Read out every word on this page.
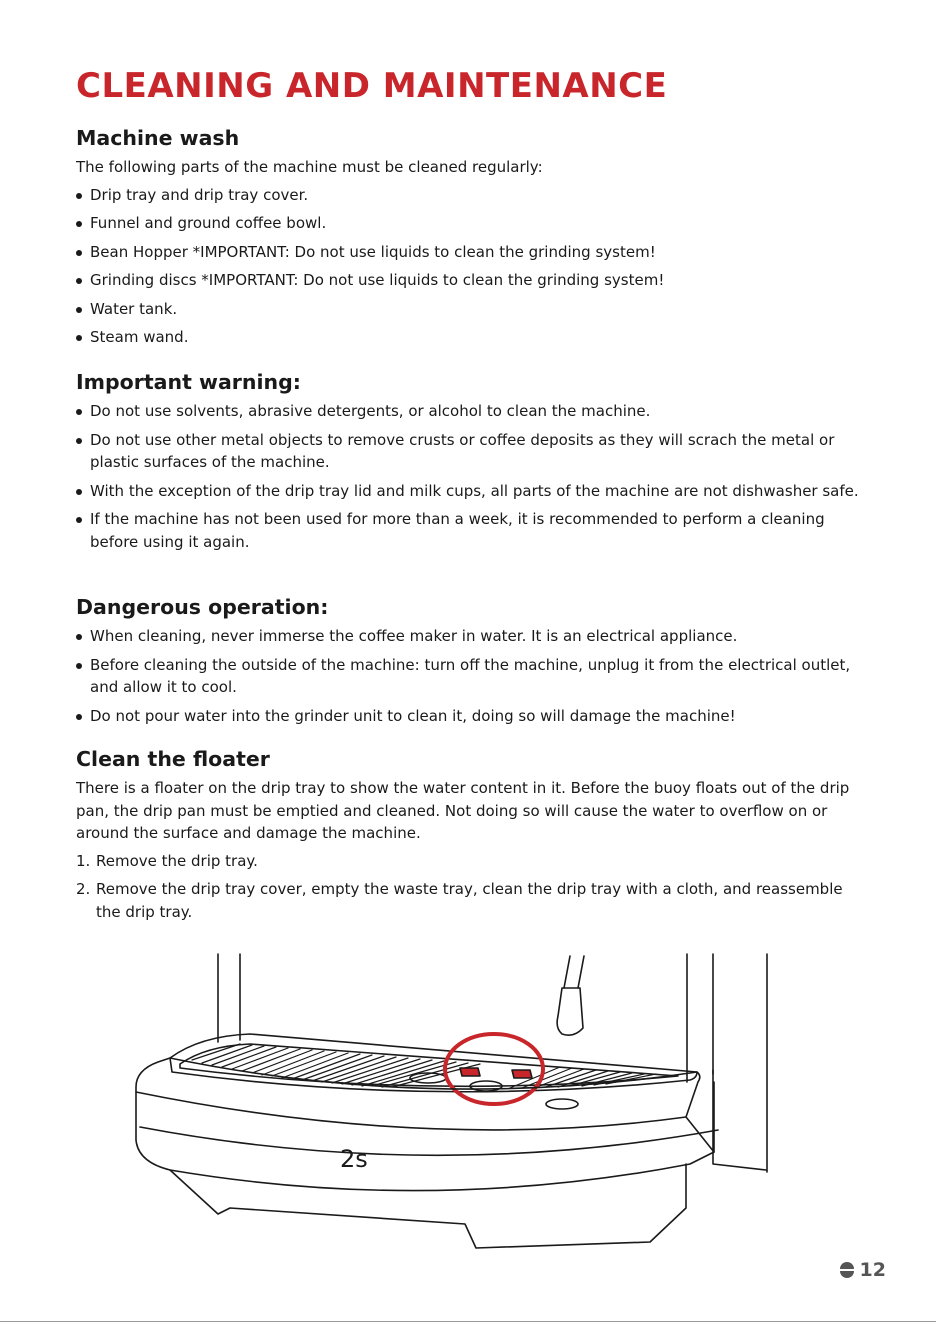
CLEANING AND MAINTENANCE
Machine wash

The following parts of the machine must be cleaned regularly:

Drip tray and drip tray cover.
Funnel and ground coffee bowl.
Bean Hopper *IMPORTANT: Do not use liquids to clean the grinding system!
Grinding discs *IMPORTANT: Do not use liquids to clean the grinding system!
Water tank.
Steam wand.
Important warning:
Do not use solvents, abrasive detergents, or alcohol to clean the machine.
Do not use other metal objects to remove crusts or coffee deposits as they will scrach the metal or plastic surfaces of the machine.
With the exception of the drip tray lid and milk cups, all parts of the machine are not dishwasher safe.
If the machine has not been used for more than a week, it is recommended to perform a cleaning before using it again.
Dangerous operation:
When cleaning, never immerse the coffee maker in water. It is an electrical appliance.
Before cleaning the outside of the machine: turn off the machine, unplug it from the electrical outlet, and allow it to cool.
Do not pour water into the grinder unit to clean it, doing so will damage the machine!
Clean the floater

There is a floater on the drip tray to show the water content in it. Before the buoy floats out of the drip pan, the drip pan must be emptied and cleaned. Not doing so will cause the water to overflow on or around the surface and damage the machine.

1. Remove the drip tray.
2. Remove the drip tray cover, empty the waste tray, clean the drip tray with a cloth, and reassemble the drip tray.
2s
12
